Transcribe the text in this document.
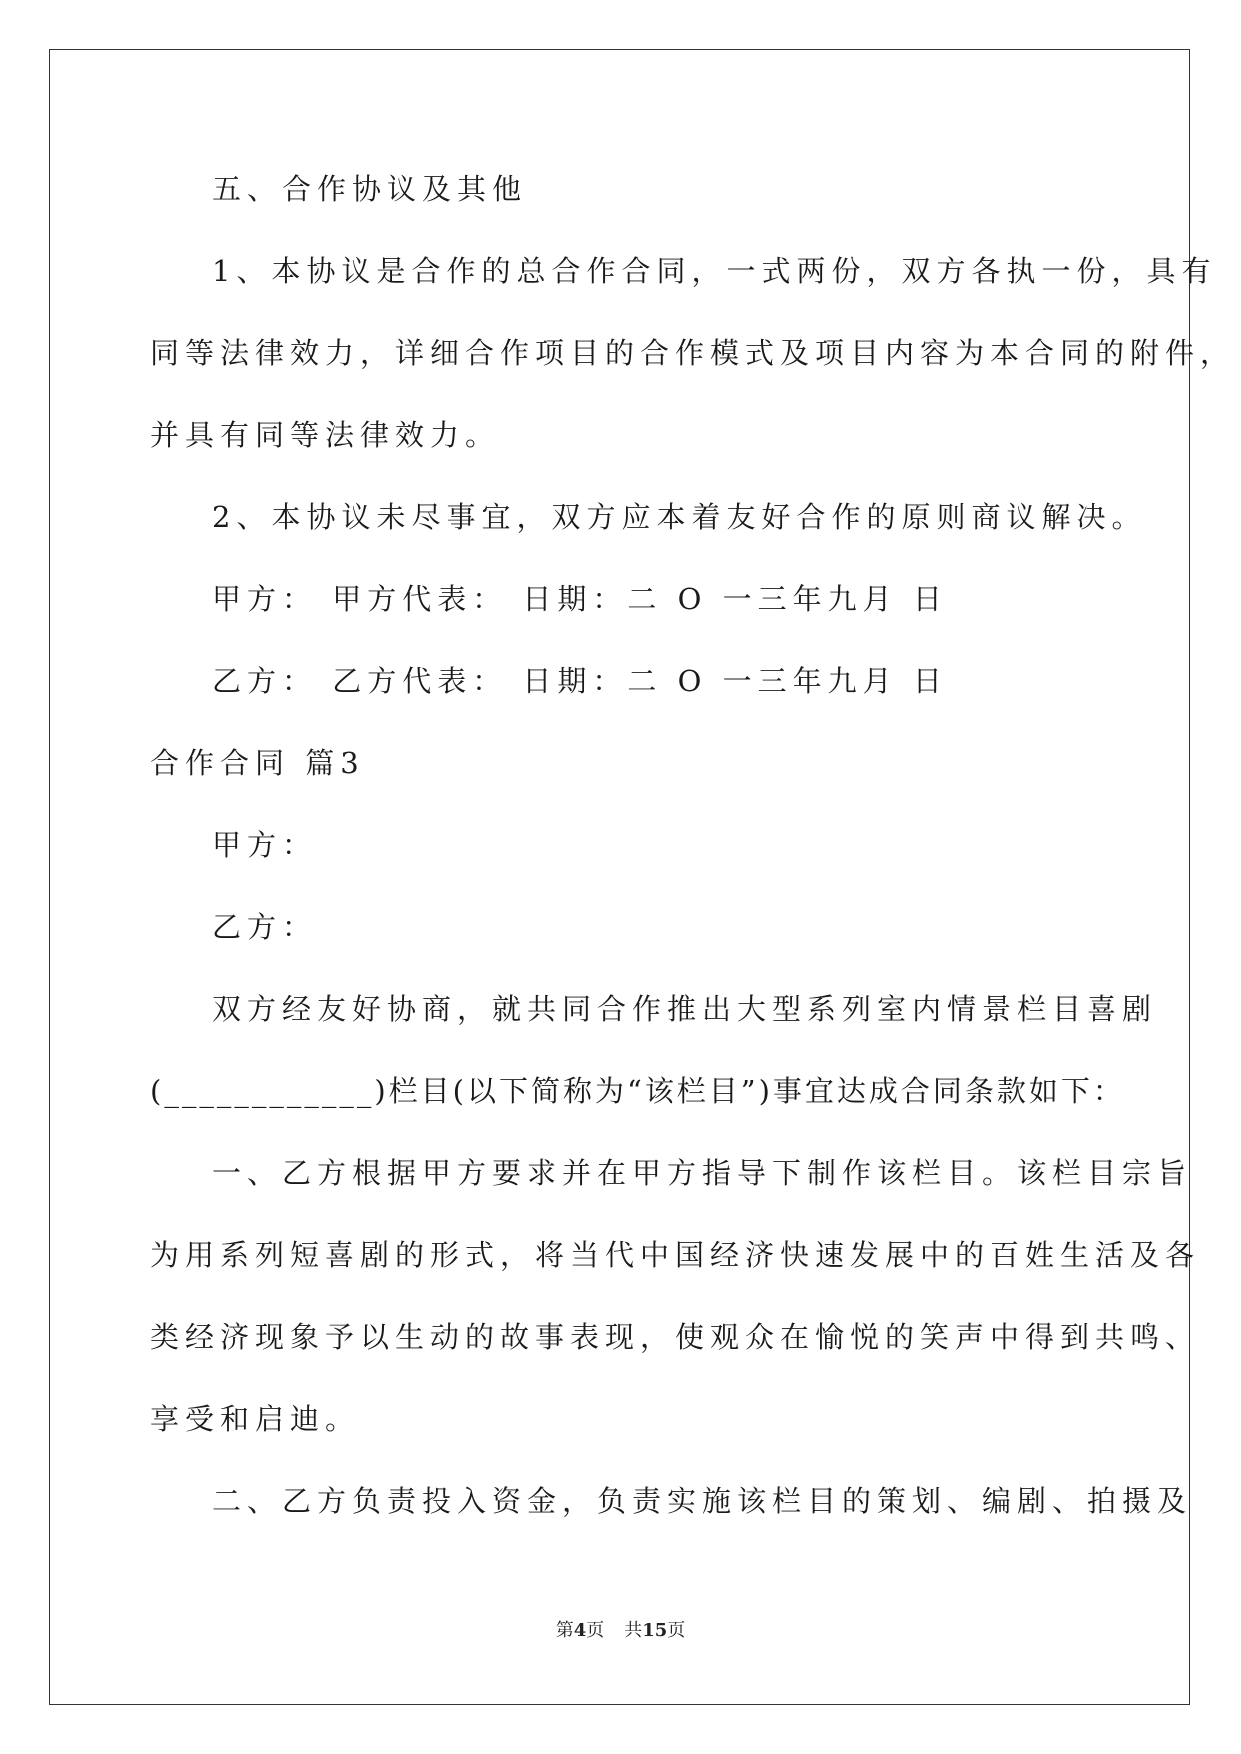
五、合作协议及其他
1、本协议是合作的总合作合同，一式两份，双方各执一份，具有
同等法律效力，详细合作项目的合作模式及项目内容为本合同的附件，
并具有同等法律效力。
2、本协议未尽事宜，双方应本着友好合作的原则商议解决。
甲方： 甲方代表： 日期：二 O 一三年九月 日
乙方： 乙方代表： 日期：二 O 一三年九月 日
合作合同 篇3
甲方：
乙方：
双方经友好协商，就共同合作推出大型系列室内情景栏目喜剧
(____________)栏目(以下简称为“该栏目”)事宜达成合同条款如下：
一、乙方根据甲方要求并在甲方指导下制作该栏目。该栏目宗旨
为用系列短喜剧的形式，将当代中国经济快速发展中的百姓生活及各
类经济现象予以生动的故事表现，使观众在愉悦的笑声中得到共鸣、
享受和启迪。
二、乙方负责投入资金，负责实施该栏目的策划、编剧、拍摄及
第4页 共15页
